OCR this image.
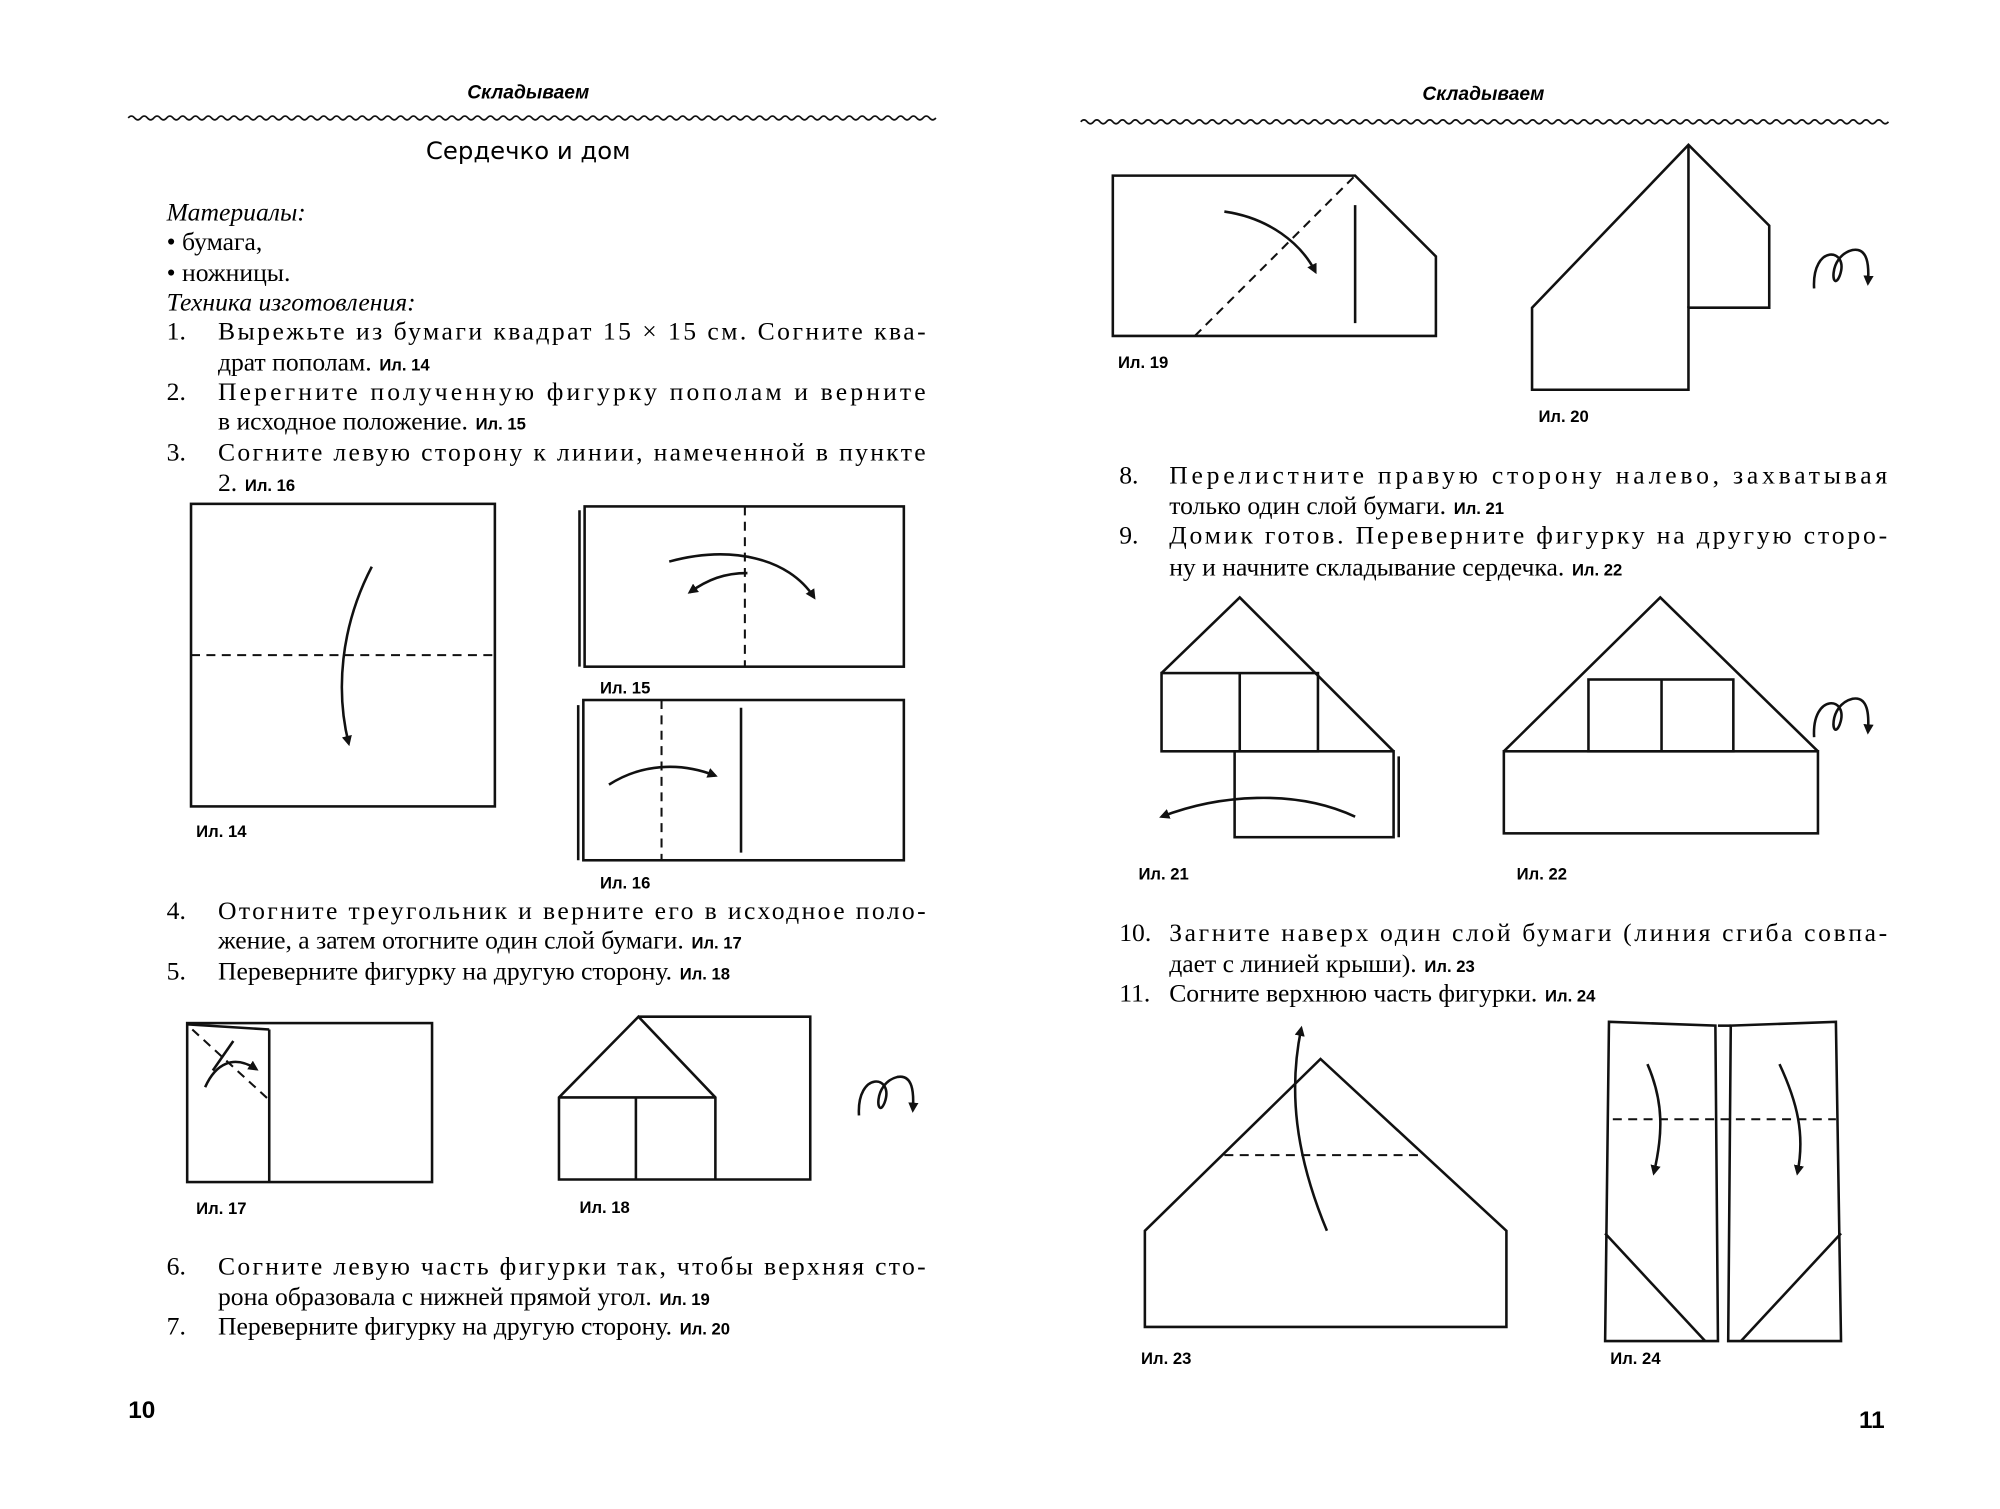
Складываем
Сердечко и дом
Материалы:
• бумага,
• ножницы.
Техника изготовления:
1. Вырежьте из бумаги квадрат 15 × 15 см. Согните ква-
драт пополам. Ил. 14
2. Перегните полученную фигурку пополам и верните
в исходное положение. Ил. 15
3. Согните левую сторону к линии, намеченной в пункте
2. Ил. 16
4. Отогните треугольник и верните его в исходное поло-
жение, а затем отогните один слой бумаги. Ил. 17
5. Переверните фигурку на другую сторону. Ил. 18
6. Согните левую часть фигурки так, чтобы верхняя сто-
рона образовала с нижней прямой угол. Ил. 19
7. Переверните фигурку на другую сторону. Ил. 20
Ил. 14
Ил. 15
Ил. 16
Ил. 17	Ил. 18
10
Складываем
8. Перелистните правую сторону налево, захватывая
только один слой бумаги. Ил. 21
9. Домик готов. Переверните фигурку на другую сторо-
ну и начните складывание сердечка. Ил. 22
10. Загните наверх один слой бумаги (линия сгиба совпа-
дает с линией крыши). Ил. 23
11. Согните верхнюю часть фигурки. Ил. 24
Ил. 19
Ил. 20
Ил. 21	Ил. 22
Ил. 23	Ил. 24
11
